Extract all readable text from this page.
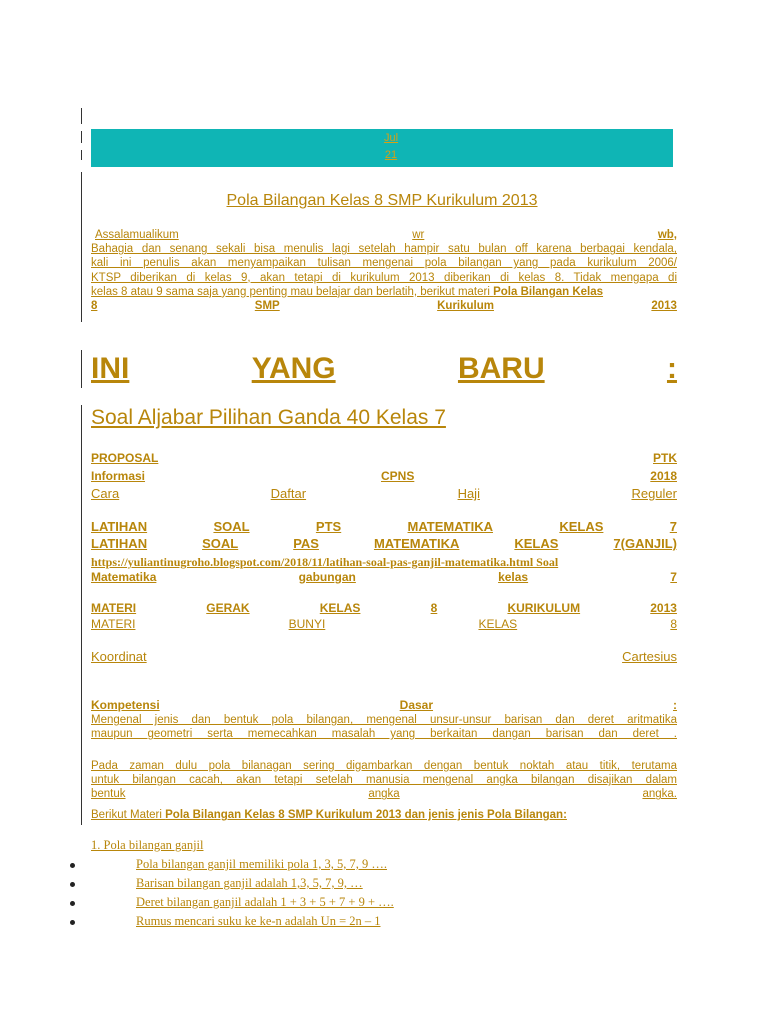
Jul
21
Pola Bilangan Kelas 8 SMP Kurikulum 2013
Assalamualikum	wr	wb,
Bahagia dan senang sekali bisa menulis lagi setelah hampir satu bulan off karena berbagai kendala,
kali ini penulis akan menyampaikan tulisan mengenai pola bilangan yang pada kurikulum 2006/
KTSP diberikan di kelas 9, akan tetapi di kurikulum 2013 diberikan di kelas 8. Tidak mengapa di
kelas 8 atau 9 sama saja yang penting mau belajar dan berlatih, berikut materi Pola Bilangan Kelas
8	SMP	Kurikulum	2013
INI	YANG	BARU	:
Soal Aljabar Pilihan Ganda 40 Kelas 7
PROPOSAL	PTK
Informasi	CPNS	2018
Cara	Daftar	Haji	Reguler
LATIHAN	SOAL	PTS	MATEMATIKA	KELAS	7
LATIHAN	SOAL	PAS	MATEMATIKA	KELAS	7(GANJIL)
https://yuliantinugroho.blogspot.com/2018/11/latihan-soal-pas-ganjil-matematika.html Soal
Matematika	gabungan	kelas	7
MATERI	GERAK	KELAS	8	KURIKULUM	2013
MATERI	BUNYI	KELAS	8
Koordinat	Cartesius
Kompetensi	Dasar	:
Mengenal jenis dan bentuk pola bilangan, mengenal unsur-unsur barisan dan deret aritmatika
maupun geometri serta memecahkan masalah yang berkaitan dangan barisan dan deret .
Pada zaman dulu pola bilanagan sering digambarkan dengan bentuk noktah atau titik, terutama
untuk bilangan cacah, akan tetapi setelah manusia mengenal angka bilangan disajikan dalam
bentuk	angka	angka.
Berikut Materi Pola Bilangan Kelas 8 SMP Kurikulum 2013 dan jenis jenis Pola Bilangan:
1. Pola bilangan ganjil
Pola bilangan ganjil memiliki pola 1, 3, 5, 7, 9 ….
Barisan bilangan ganjil adalah 1,3, 5, 7, 9, …
Deret bilangan ganjil adalah 1 + 3 + 5 + 7 + 9 + ….
Rumus mencari suku ke ke-n adalah Un = 2n – 1
